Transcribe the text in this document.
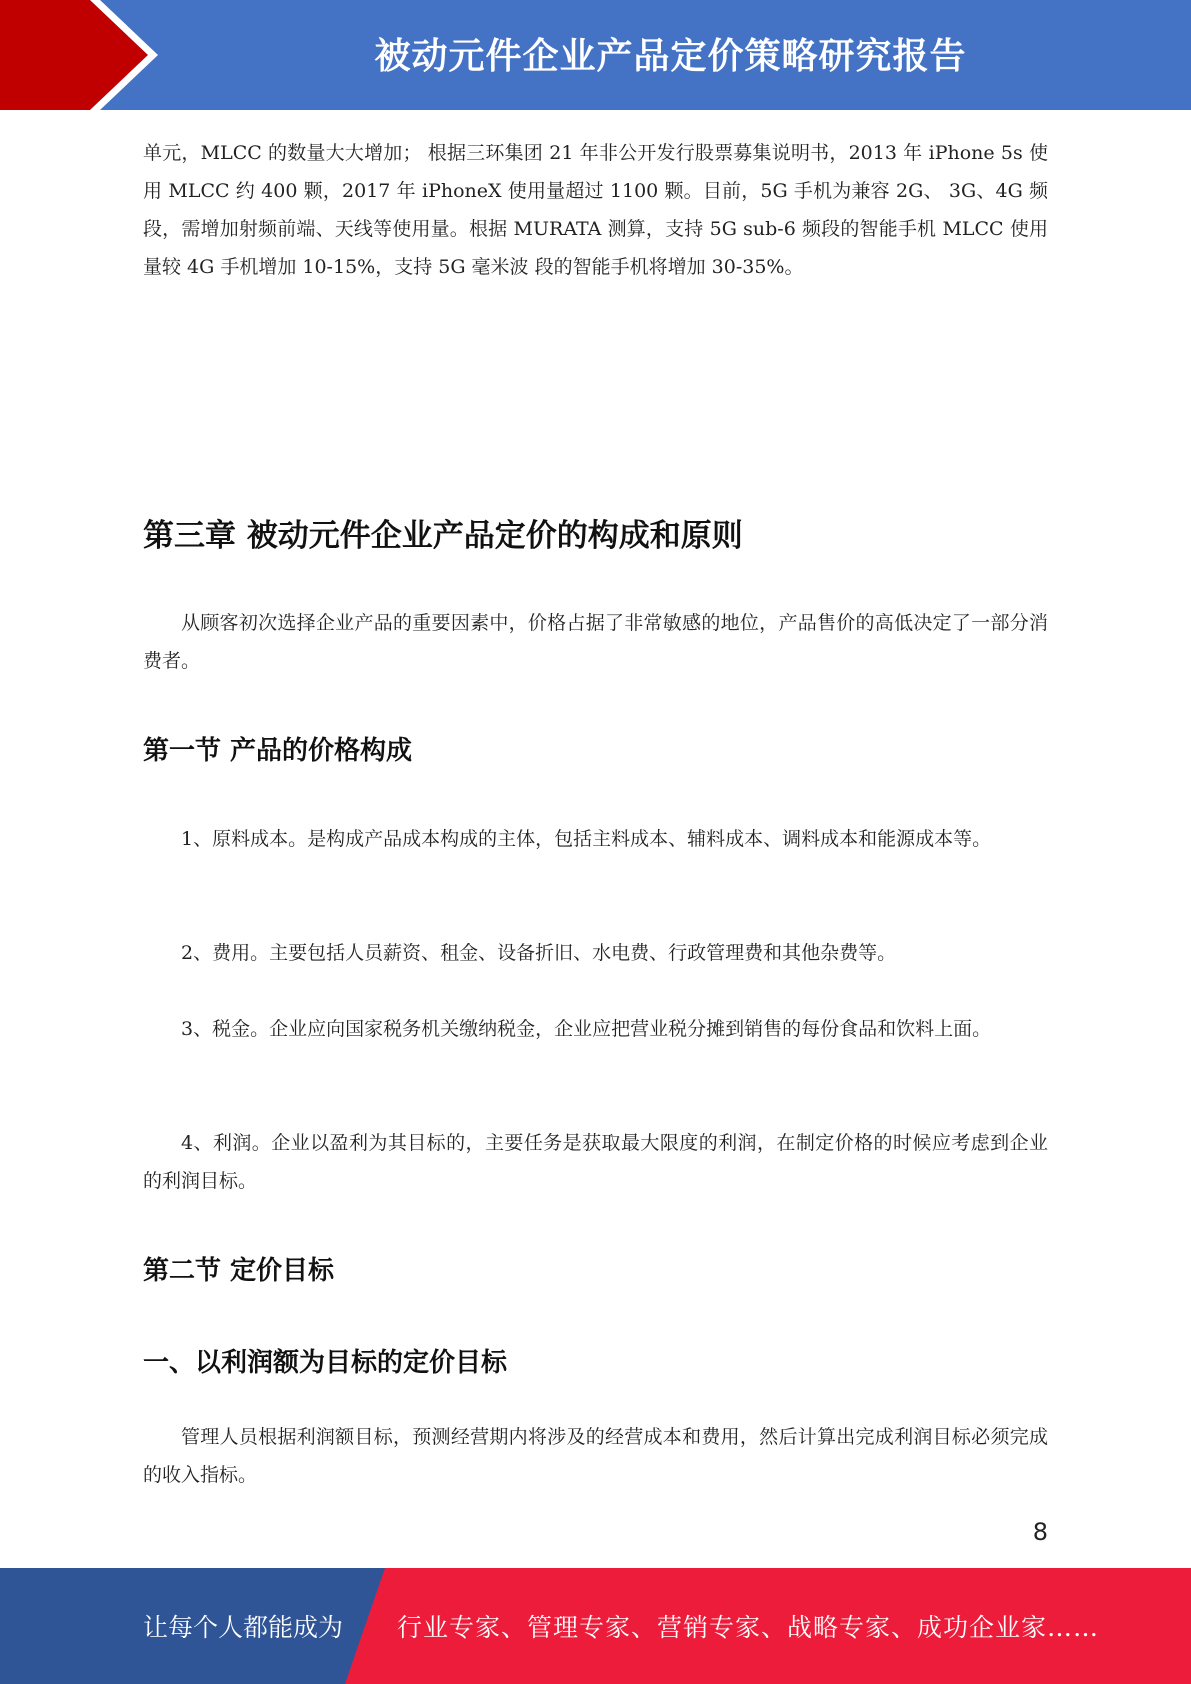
被动元件企业产品定价策略研究报告

单元，MLCC 的数量大大增加； 根据三环集团 21 年非公开发行股票募集说明书，2013 年 iPhone 5s 使用 MLCC 约 400 颗，2017 年 iPhoneX 使用量超过 1100 颗。目前，5G 手机为兼容 2G、 3G、4G 频段，需增加射频前端、天线等使用量。根据 MURATA 测算，支持 5G sub-6 频段的智能手机 MLCC 使用量较 4G 手机增加 10-15%，支持 5G 毫米波 段的智能手机将增加 30-35%。

第三章 被动元件企业产品定价的构成和原则

从顾客初次选择企业产品的重要因素中，价格占据了非常敏感的地位，产品售价的高低决定了一部分消费者。

第一节 产品的价格构成

1、原料成本。是构成产品成本构成的主体，包括主料成本、辅料成本、调料成本和能源成本等。

2、费用。主要包括人员薪资、租金、设备折旧、水电费、行政管理费和其他杂费等。

3、税金。企业应向国家税务机关缴纳税金，企业应把营业税分摊到销售的每份食品和饮料上面。

4、利润。企业以盈利为其目标的，主要任务是获取最大限度的利润，在制定价格的时候应考虑到企业的利润目标。

第二节 定价目标
一、以利润额为目标的定价目标

管理人员根据利润额目标，预测经营期内将涉及的经营成本和费用，然后计算出完成利润目标必须完成的收入指标。

8
让每个人都能成为 行业专家、管理专家、营销专家、战略专家、成功企业家……
